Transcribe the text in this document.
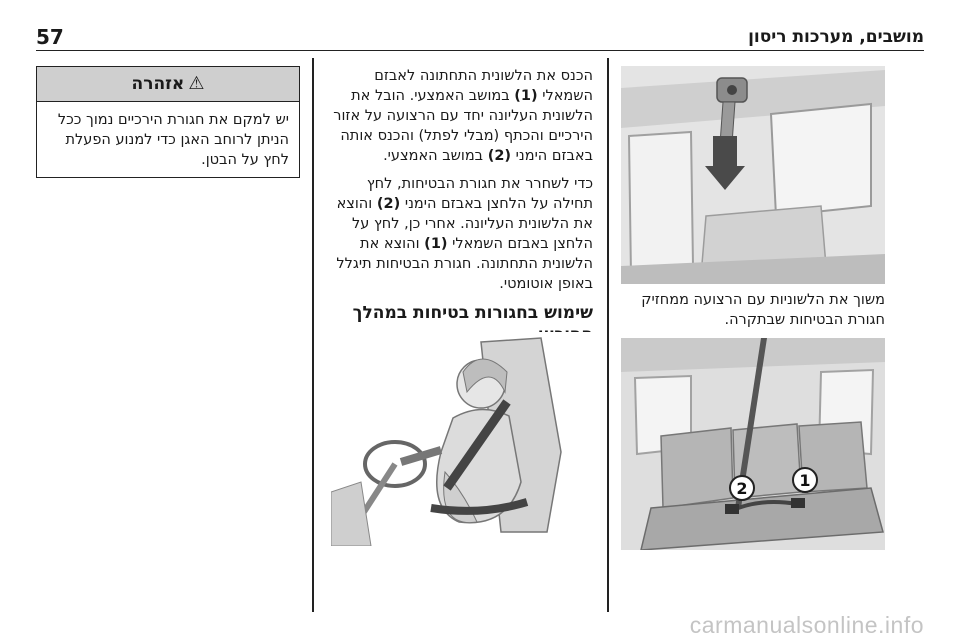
57	מושבים, מערכות ריסון
משוך את הלשוניות עם הרצועה ממחזיק חגורת הבטיחות שבתקרה.
2	1

הכנס את הלשונית התחתונה לאבזם השמאלי (1) במושב האמצעי. הובל את הלשונית העליונה יחד עם הרצועה על אזור הירכיים והכתף (מבלי לפתל) והכנס אותה באבזם הימני (2) במושב האמצעי.

כדי לשחרר את חגורת הבטיחות, לחץ תחילה על הלחצן באבזם הימני (2) והוצא את הלשונית העליונה. אחרי כן, לחץ על הלחצן באבזם השמאלי (1) והוצא את הלשונית התחתונה. חגורת הבטיחות תיגלל באופן אוטומטי.

שימוש בחגורות בטיחות במהלך
⚠אזהרה
יש למקם את חגורת הירכיים נמוך ככל הניתן לרוחב האגן כדי למנוע הפעלת לחץ על הבטן.
carmanualsonline.info
